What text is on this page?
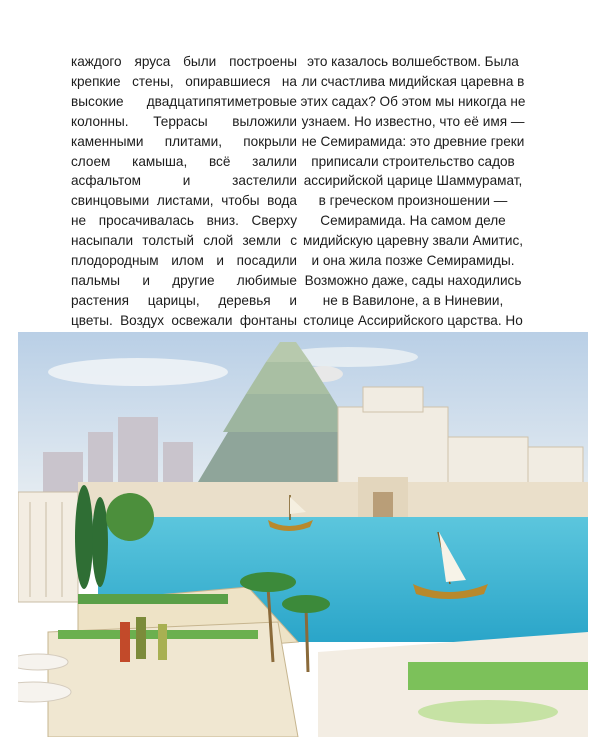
каждого яруса были построены крепкие стены, опиравшиеся на высокие двадцатипятиметровые колонны. Террасы выложили каменными плитами, покрыли слоем камыша, всё залили асфальтом и застелили свинцовыми листами, чтобы вода не просачивалась вниз. Сверху насыпали толстый слой земли с плодородным илом и посадили пальмы и другие любимые растения царицы, деревья и цветы. Воздух освежали фонтаны

это казалось волшебством. Была ли счастлива мидийская царевна в этих садах? Об этом мы никогда не узнаем. Но известно, что её имя — не Семирамида: это древние греки приписали строительство садов ассирийской царице Шаммурамат, в греческом произношении — Семирамида. На самом деле мидийскую царевну звали Амитис, и она жила позже Семирамиды. Возможно даже, сады находились не в Вавилоне, а в Ниневии, столице Ассирийского царства. Но
